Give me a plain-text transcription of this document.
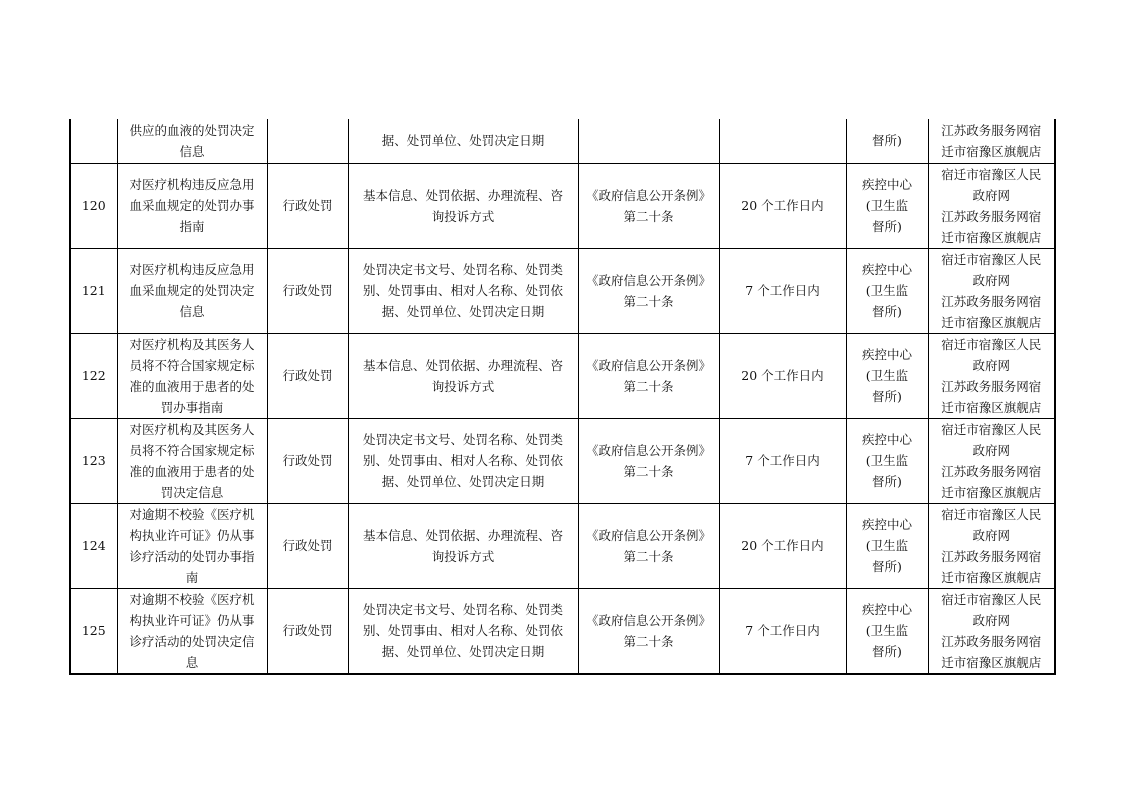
	供应的血液的处罚决定
信息		据、处罚单位、处罚决定日期			督所)	江苏政务服务网宿
迁市宿豫区旗舰店

120	对医疗机构违反应急用
血采血规定的处罚办事
指南	行政处罚	基本信息、处罚依据、办理流程、咨
询投诉方式	《政府信息公开条例》
第二十条	20 个工作日内	疾控中心
(卫生监
督所)	宿迁市宿豫区人民
政府网
江苏政务服务网宿
迁市宿豫区旗舰店

121	对医疗机构违反应急用
血采血规定的处罚决定
信息	行政处罚	处罚决定书文号、处罚名称、处罚类
别、处罚事由、相对人名称、处罚依
据、处罚单位、处罚决定日期	《政府信息公开条例》
第二十条	7 个工作日内	疾控中心
(卫生监
督所)	宿迁市宿豫区人民
政府网
江苏政务服务网宿
迁市宿豫区旗舰店

122	对医疗机构及其医务人
员将不符合国家规定标
准的血液用于患者的处
罚办事指南	行政处罚	基本信息、处罚依据、办理流程、咨
询投诉方式	《政府信息公开条例》
第二十条	20 个工作日内	疾控中心
(卫生监
督所)	宿迁市宿豫区人民
政府网
江苏政务服务网宿
迁市宿豫区旗舰店

123	对医疗机构及其医务人
员将不符合国家规定标
准的血液用于患者的处
罚决定信息	行政处罚	处罚决定书文号、处罚名称、处罚类
别、处罚事由、相对人名称、处罚依
据、处罚单位、处罚决定日期	《政府信息公开条例》
第二十条	7 个工作日内	疾控中心
(卫生监
督所)	宿迁市宿豫区人民
政府网
江苏政务服务网宿
迁市宿豫区旗舰店

124	对逾期不校验《医疗机
构执业许可证》仍从事
诊疗活动的处罚办事指
南	行政处罚	基本信息、处罚依据、办理流程、咨
询投诉方式	《政府信息公开条例》
第二十条	20 个工作日内	疾控中心
(卫生监
督所)	宿迁市宿豫区人民
政府网
江苏政务服务网宿
迁市宿豫区旗舰店

125	对逾期不校验《医疗机
构执业许可证》仍从事
诊疗活动的处罚决定信
息	行政处罚	处罚决定书文号、处罚名称、处罚类
别、处罚事由、相对人名称、处罚依
据、处罚单位、处罚决定日期	《政府信息公开条例》
第二十条	7 个工作日内	疾控中心
(卫生监
督所)	宿迁市宿豫区人民
政府网
江苏政务服务网宿
迁市宿豫区旗舰店
